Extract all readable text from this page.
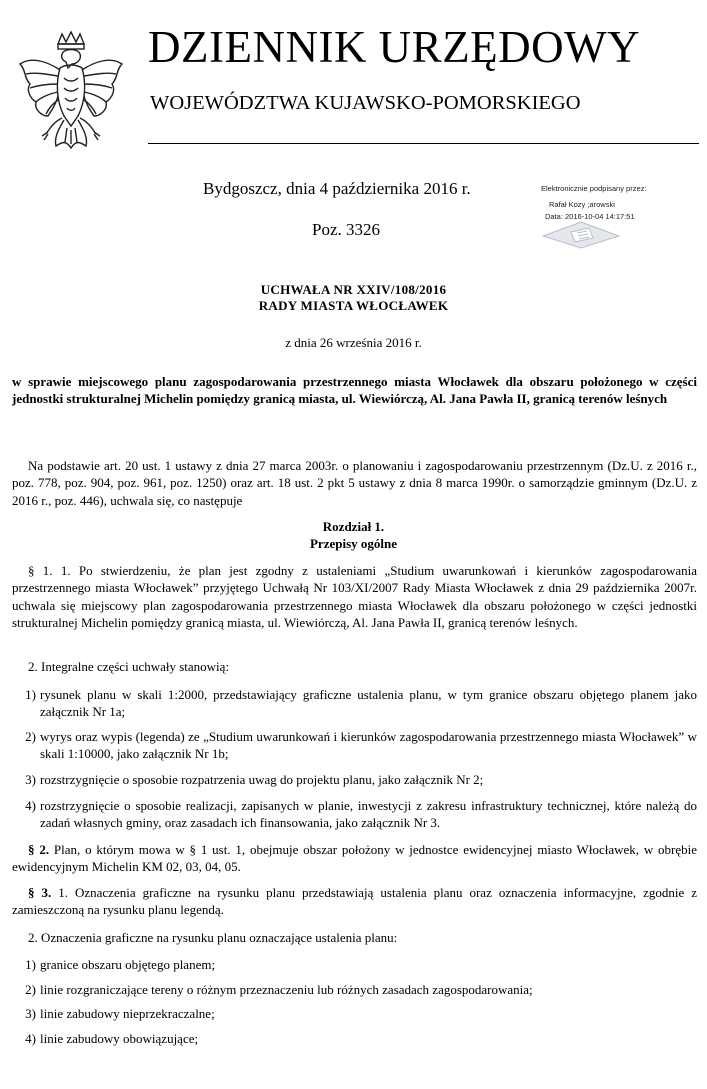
DZIENNIK URZĘDOWY
WOJEWÓDZTWA KUJAWSKO-POMORSKIEGO
Bydgoszcz, dnia 4 października 2016 r.
Poz. 3326
Elektronicznie podpisany przez:
Rafał Kozy ;arowski
Data: 2016-10-04 14:17:51
UCHWAŁA NR XXIV/108/2016
RADY MIASTA WŁOCŁAWEK
z dnia 26 września 2016 r.
w sprawie miejscowego planu zagospodarowania przestrzennego miasta Włocławek dla obszaru położonego w części jednostki strukturalnej Michelin pomiędzy granicą miasta, ul. Wiewiórczą, Al. Jana Pawła II, granicą terenów leśnych
Na podstawie art. 20 ust. 1 ustawy z dnia 27 marca 2003r. o planowaniu i zagospodarowaniu przestrzennym (Dz.U. z 2016 r., poz. 778, poz. 904, poz. 961, poz. 1250) oraz art. 18 ust. 2 pkt 5 ustawy z dnia 8 marca 1990r. o samorządzie gminnym (Dz.U. z 2016 r., poz. 446), uchwala się, co następuje
Rozdział 1.
Przepisy ogólne
§ 1. 1. Po stwierdzeniu, że plan jest zgodny z ustaleniami „Studium uwarunkowań i kierunków zagospodarowania przestrzennego miasta Włocławek” przyjętego Uchwałą Nr 103/XI/2007 Rady Miasta Włocławek z dnia 29 października 2007r. uchwala się miejscowy plan zagospodarowania przestrzennego miasta Włocławek dla obszaru położonego w części jednostki strukturalnej Michelin pomiędzy granicą miasta, ul. Wiewiórczą, Al. Jana Pawła II, granicą terenów leśnych.
2. Integralne części uchwały stanowią:
1) rysunek planu w skali 1:2000, przedstawiający graficzne ustalenia planu, w tym granice obszaru objętego planem jako załącznik Nr 1a;
2) wyrys oraz wypis (legenda) ze „Studium uwarunkowań i kierunków zagospodarowania przestrzennego miasta Włocławek” w skali 1:10000, jako załącznik Nr 1b;
3) rozstrzygnięcie o sposobie rozpatrzenia uwag do projektu planu, jako załącznik Nr 2;
4) rozstrzygnięcie o sposobie realizacji, zapisanych w planie, inwestycji z zakresu infrastruktury technicznej, które należą do zadań własnych gminy, oraz zasadach ich finansowania, jako załącznik Nr 3.
§ 2. Plan, o którym mowa w § 1 ust. 1, obejmuje obszar położony w jednostce ewidencyjnej miasto Włocławek, w obrębie ewidencyjnym Michelin KM 02, 03, 04, 05.
§ 3. 1. Oznaczenia graficzne na rysunku planu przedstawiają ustalenia planu oraz oznaczenia informacyjne, zgodnie z zamieszczoną na rysunku planu legendą.
2. Oznaczenia graficzne na rysunku planu oznaczające ustalenia planu:
1) granice obszaru objętego planem;
2) linie rozgraniczające tereny o różnym przeznaczeniu lub różnych zasadach zagospodarowania;
3) linie zabudowy nieprzekraczalne;
4) linie zabudowy obowiązujące;
